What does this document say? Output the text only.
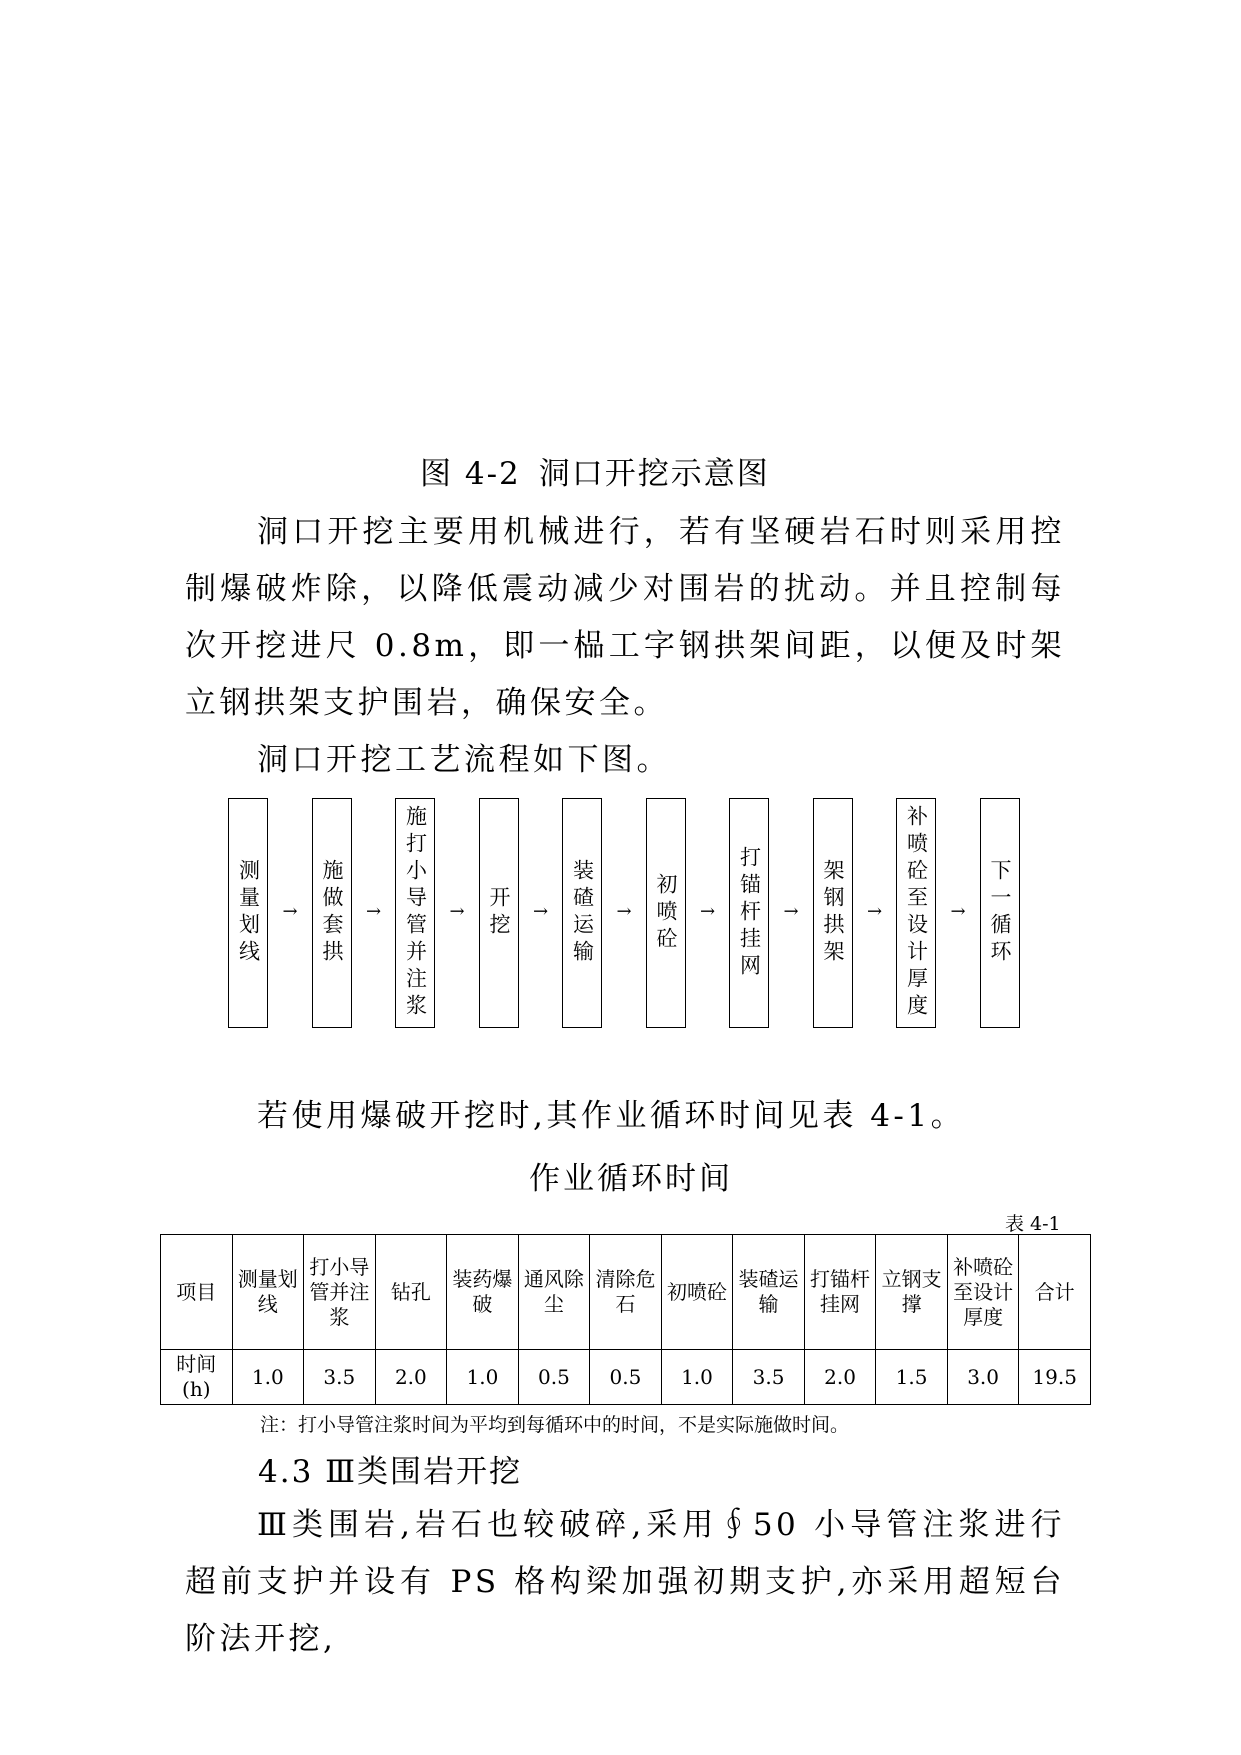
图 4-2 洞口开挖示意图

洞口开挖主要用机械进行，若有坚硬岩石时则采用控制爆破炸除，以降低震动减少对围岩的扰动。并且控制每次开挖进尺 0.8m，即一榀工字钢拱架间距，以便及时架立钢拱架支护围岩，确保安全。

洞口开挖工艺流程如下图。

测量划线	→	施做套拱	→	施打小导管并注浆	→	开挖	→	装碴运输	→	初喷砼	→	打锚杆挂网	→	架钢拱架	→	补喷砼至设计厚度	→	下一循环

若使用爆破开挖时,其作业循环时间见表 4-1。

作业循环时间
表 4-1
项目	测量划线	打小导管并注浆	钻孔	装药爆破	通风除尘	清除危石	初喷砼	装碴运输	打锚杆挂网	立钢支撑	补喷砼至设计厚度	合计
时间(h)	1.0	3.5	2.0	1.0	0.5	0.5	1.0	3.5	2.0	1.5	3.0	19.5
注：打小导管注浆时间为平均到每循环中的时间，不是实际施做时间。
4.3 Ⅲ类围岩开挖

Ⅲ类围岩,岩石也较破碎,采用∮50 小导管注浆进行超前支护并设有 PS 格构梁加强初期支护,亦采用超短台阶法开挖,
